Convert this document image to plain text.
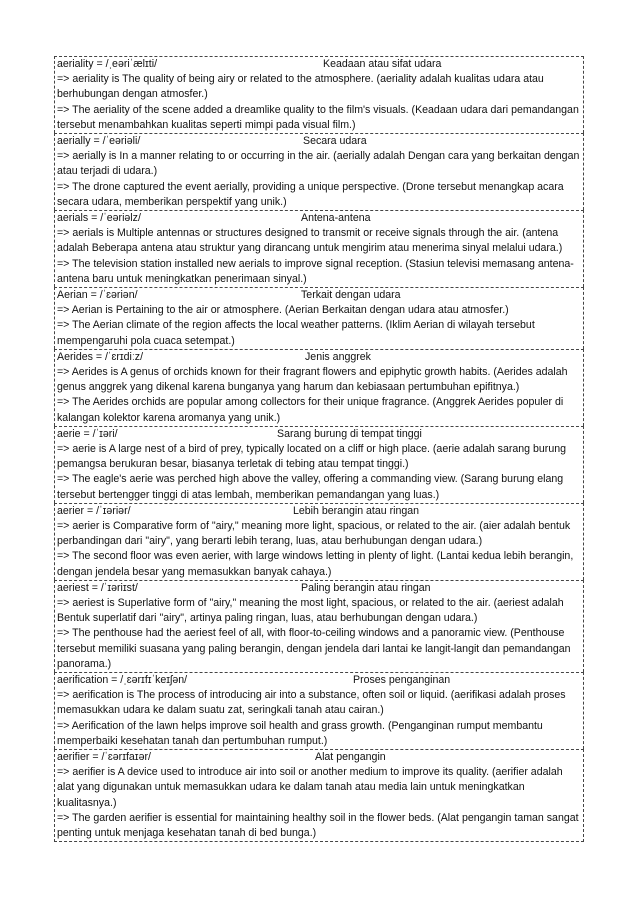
aeriality = /ˌeəriˈælɪti/	Keadaan atau sifat udara
=> aeriality is The quality of being airy or related to the atmosphere. (aeriality adalah kualitas udara atau berhubungan dengan atmosfer.)
=> The aeriality of the scene added a dreamlike quality to the film's visuals. (Keadaan udara dari pemandangan tersebut menambahkan kualitas seperti mimpi pada visual film.)
aerially = /ˈeəriəli/	Secara udara
=> aerially is In a manner relating to or occurring in the air. (aerially adalah Dengan cara yang berkaitan dengan atau terjadi di udara.)
=> The drone captured the event aerially, providing a unique perspective. (Drone tersebut menangkap acara secara udara, memberikan perspektif yang unik.)
aerials = /ˈeəriəlz/	Antena-antena
=> aerials is Multiple antennas or structures designed to transmit or receive signals through the air. (antena adalah Beberapa antena atau struktur yang dirancang untuk mengirim atau menerima sinyal melalui udara.)
=> The television station installed new aerials to improve signal reception. (Stasiun televisi memasang antena-antena baru untuk meningkatkan penerimaan sinyal.)
Aerian = /ˈɛəriən/	Terkait dengan udara
=> Aerian is Pertaining to the air or atmosphere. (Aerian Berkaitan dengan udara atau atmosfer.)
=> The Aerian climate of the region affects the local weather patterns. (Iklim Aerian di wilayah tersebut mempengaruhi pola cuaca setempat.)
Aerides = /ˈɛrɪdiːz/	Jenis anggrek
=> Aerides is A genus of orchids known for their fragrant flowers and epiphytic growth habits. (Aerides adalah genus anggrek yang dikenal karena bunganya yang harum dan kebiasaan pertumbuhan epifitnya.)
=> The Aerides orchids are popular among collectors for their unique fragrance. (Anggrek Aerides populer di kalangan kolektor karena aromanya yang unik.)
aerie = /ˈɪəri/	Sarang burung di tempat tinggi
=> aerie is A large nest of a bird of prey, typically located on a cliff or high place. (aerie adalah sarang burung pemangsa berukuran besar, biasanya terletak di tebing atau tempat tinggi.)
=> The eagle's aerie was perched high above the valley, offering a commanding view. (Sarang burung elang tersebut bertengger tinggi di atas lembah, memberikan pemandangan yang luas.)
aerier = /ˈɪəriər/	Lebih berangin atau ringan
=> aerier is Comparative form of "airy," meaning more light, spacious, or related to the air. (aier adalah bentuk perbandingan dari "airy", yang berarti lebih terang, luas, atau berhubungan dengan udara.)
=> The second floor was even aerier, with large windows letting in plenty of light. (Lantai kedua lebih berangin, dengan jendela besar yang memasukkan banyak cahaya.)
aeriest = /ˈɪəriɪst/	Paling berangin atau ringan
=> aeriest is Superlative form of "airy," meaning the most light, spacious, or related to the air. (aeriest adalah Bentuk superlatif dari "airy", artinya paling ringan, luas, atau berhubungan dengan udara.)
=> The penthouse had the aeriest feel of all, with floor-to-ceiling windows and a panoramic view. (Penthouse tersebut memiliki suasana yang paling berangin, dengan jendela dari lantai ke langit-langit dan pemandangan panorama.)
aerification = /ˌɛərɪfɪˈkeɪʃən/	Proses penganginan
=> aerification is The process of introducing air into a substance, often soil or liquid. (aerifikasi adalah proses memasukkan udara ke dalam suatu zat, seringkali tanah atau cairan.)
=> Aerification of the lawn helps improve soil health and grass growth. (Penganginan rumput membantu memperbaiki kesehatan tanah dan pertumbuhan rumput.)
aerifier = /ˈɛərɪfaɪər/	Alat pengangin
=> aerifier is A device used to introduce air into soil or another medium to improve its quality. (aerifier adalah alat yang digunakan untuk memasukkan udara ke dalam tanah atau media lain untuk meningkatkan kualitasnya.)
=> The garden aerifier is essential for maintaining healthy soil in the flower beds. (Alat pengangin taman sangat penting untuk menjaga kesehatan tanah di bed bunga.)
